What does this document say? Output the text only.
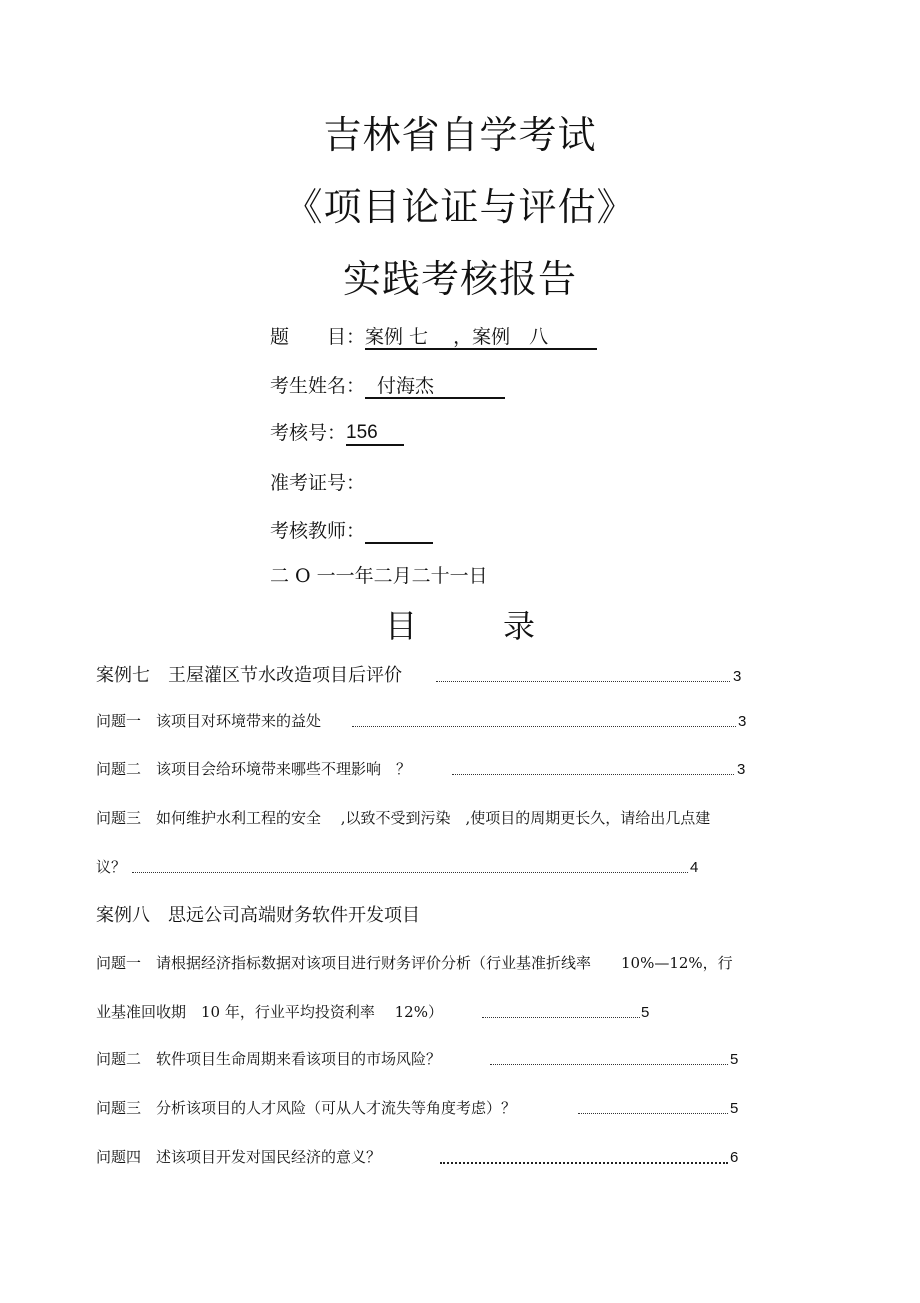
吉林省自学考试
《项目论证与评估》
实践考核报告
题　　目：案例 七　 ，案例　八
考生姓名： 付海杰
考核号：156
准考证号：
考核教师：
二 O 一一年二月二十一日
目	录
案例七　王屋灌区节水改造项目后评价	3
问题一　该项目对环境带来的益处	3
问题二　该项目会给环境带来哪些不理影响　？	3
问题三　如何维护水利工程的安全　 ,以致不受到污染　,使项目的周期更长久，请给出几点建
议？	4
案例八　思远公司高端财务软件开发项目
问题一　请根据经济指标数据对该项目进行财务评价分析（行业基准折线率　　10%—12%，行
业基准回收期　10 年，行业平均投资利率　 12%）	5
问题二　软件项目生命周期来看该项目的市场风险？	5
问题三　分析该项目的人才风险（可从人才流失等角度考虑）？	5
问题四　述该项目开发对国民经济的意义？	6
